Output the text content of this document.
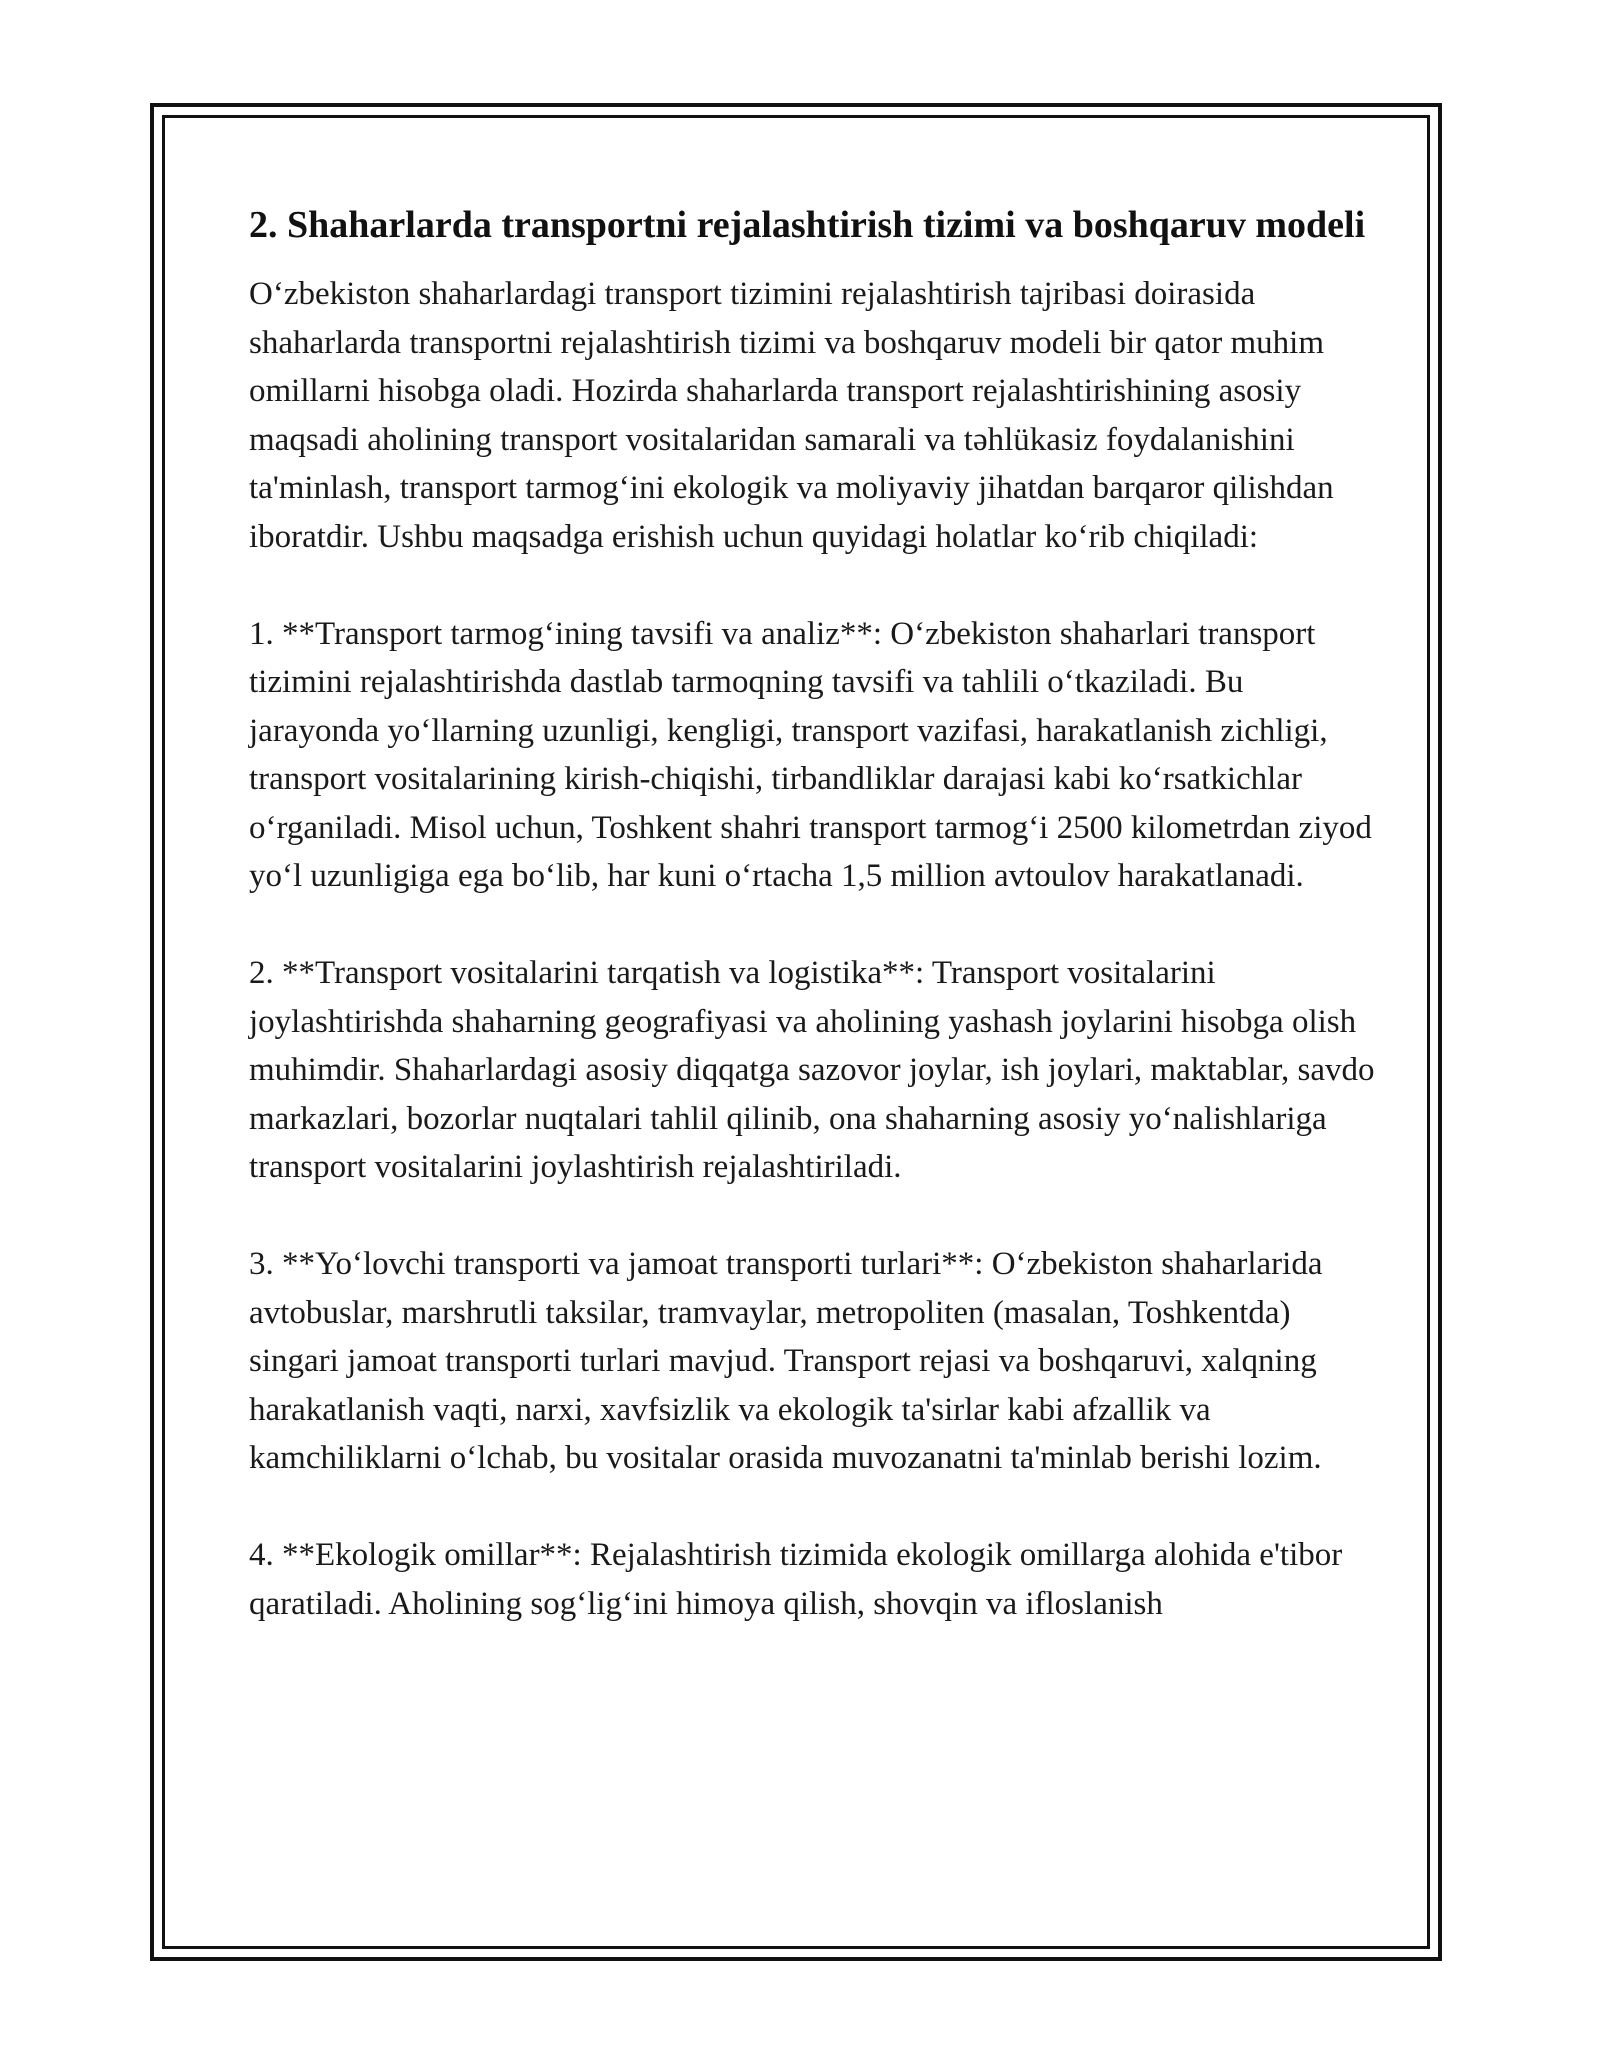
2. Shaharlarda transportni rejalashtirish tizimi va boshqaruv modeli

O‘zbekiston shaharlardagi transport tizimini rejalashtirish tajribasi doirasida shaharlarda transportni rejalashtirish tizimi va boshqaruv modeli bir qator muhim omillarni hisobga oladi. Hozirda shaharlarda transport rejalashtirishining asosiy maqsadi aholining transport vositalaridan samarali va təhlükasiz foydalanishini ta'minlash, transport tarmog‘ini ekologik va moliyaviy jihatdan barqaror qilishdan iboratdir. Ushbu maqsadga erishish uchun quyidagi holatlar ko‘rib chiqiladi:

1. **Transport tarmog‘ining tavsifi va analiz**: O‘zbekiston shaharlari transport tizimini rejalashtirishda dastlab tarmoqning tavsifi va tahlili o‘tkaziladi. Bu jarayonda yo‘llarning uzunligi, kengligi, transport vazifasi, harakatlanish zichligi, transport vositalarining kirish-chiqishi, tirbandliklar darajasi kabi ko‘rsatkichlar o‘rganiladi. Misol uchun, Toshkent shahri transport tarmog‘i 2500 kilometrdan ziyod yo‘l uzunligiga ega bo‘lib, har kuni o‘rtacha 1,5 million avtoulov harakatlanadi.

2. **Transport vositalarini tarqatish va logistika**: Transport vositalarini joylashtirishda shaharning geografiyasi va aholining yashash joylarini hisobga olish muhimdir. Shaharlardagi asosiy diqqatga sazovor joylar, ish joylari, maktablar, savdo markazlari, bozorlar nuqtalari tahlil qilinib, ona shaharning asosiy yo‘nalishlariga transport vositalarini joylashtirish rejalashtiriladi.

3. **Yo‘lovchi transporti va jamoat transporti turlari**: O‘zbekiston shaharlarida avtobuslar, marshrutli taksilar, tramvaylar, metropoliten (masalan, Toshkentda) singari jamoat transporti turlari mavjud. Transport rejasi va boshqaruvi, xalqning harakatlanish vaqti, narxi, xavfsizlik va ekologik ta'sirlar kabi afzallik va kamchiliklarni o‘lchab, bu vositalar orasida muvozanatni ta'minlab berishi lozim.

4. **Ekologik omillar**: Rejalashtirish tizimida ekologik omillarga alohida e'tibor qaratiladi. Aholining sog‘lig‘ini himoya qilish, shovqin va ifloslanish
